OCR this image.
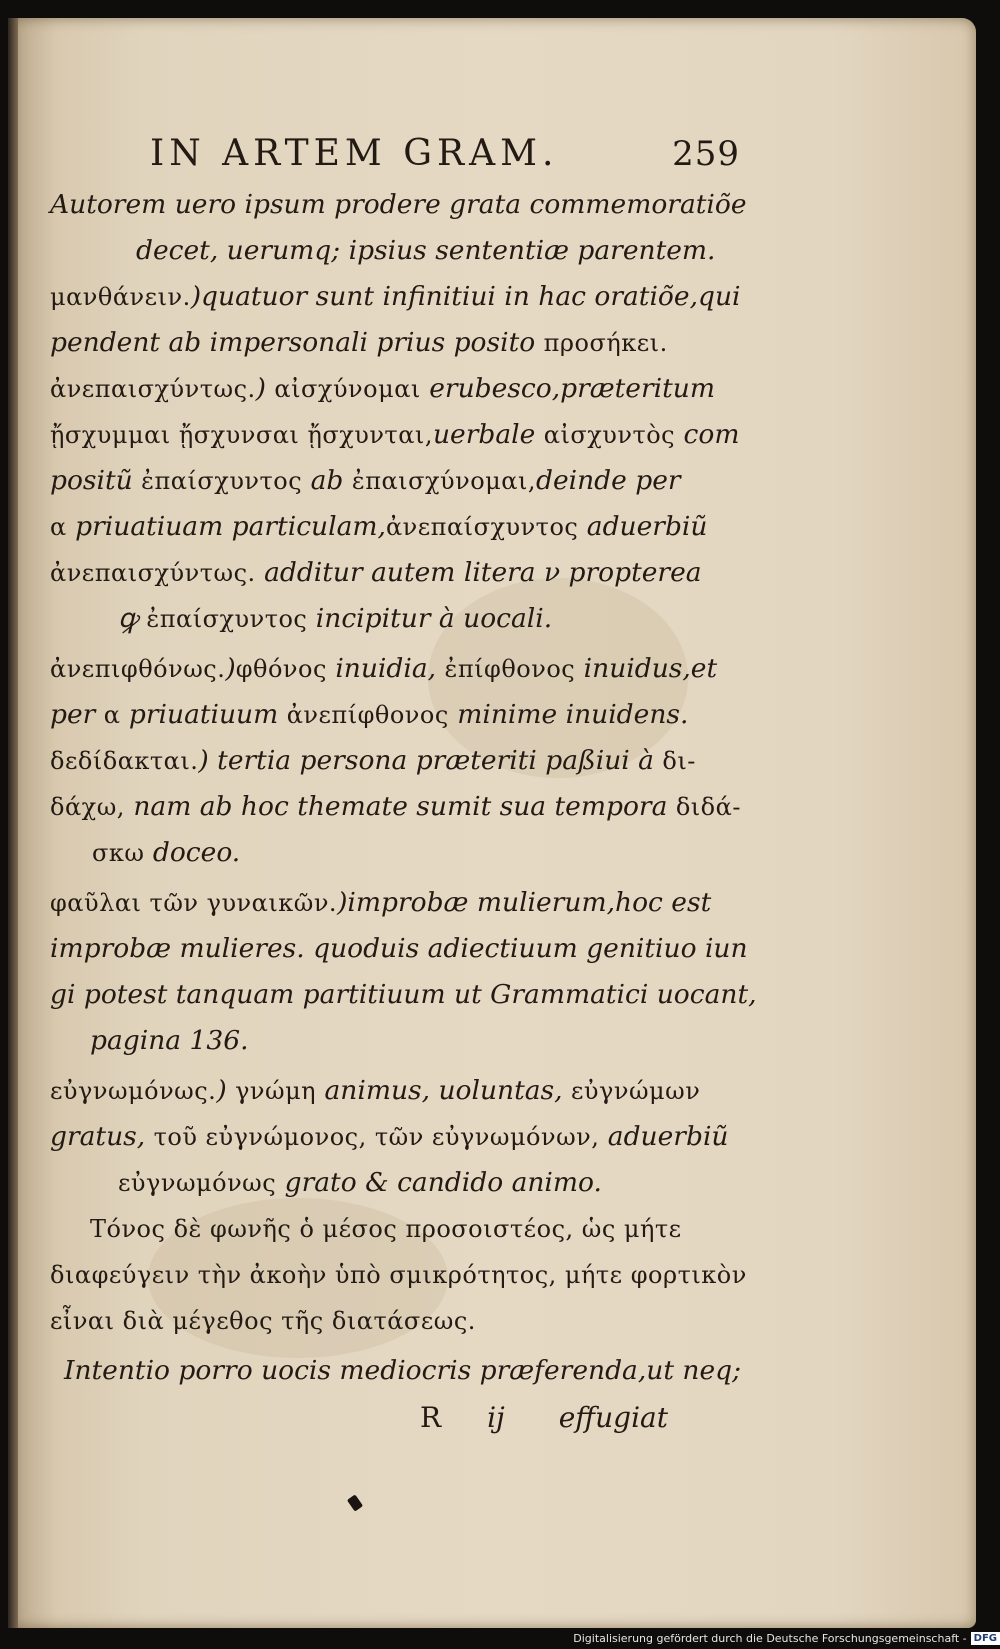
IN ARTEM GRAM.	259
Autorem uero ipsum prodere grata commemoratiõe
decet, uerumq; ipsius sententiæ parentem.
μανθάνειν.)quatuor sunt infinitiui in hac oratiõe,qui
pendent ab impersonali prius posito προσήκει.
ἀνεπαισχύντως.) αἰσχύνομαι erubesco,præteritum
ᾔσχυμμαι ᾔσχυνσαι ᾔσχυνται,uerbale αἰσχυντὸς com
positũ ἐπαίσχυντος ab ἐπαισχύνομαι,deinde per
α priuatiuam particulam,ἀνεπαίσχυντος aduerbiũ
ἀνεπαισχύντως. additur autem litera ν propterea
ꝙ ἐπαίσχυντος incipitur à uocali.
ἀνεπιφθόνως.)φθόνος inuidia, ἐπίφθονος inuidus,et
per α priuatiuum ἀνεπίφθονος minime inuidens.
δεδίδακται.) tertia persona præteriti paßiui à δι-
δάχω, nam ab hoc themate sumit sua tempora διδά-
σκω doceo.
φαῦλαι τῶν γυναικῶν.)improbæ mulierum,hoc est
improbæ mulieres. quoduis adiectiuum genitiuo iun
gi potest tanquam partitiuum ut Grammatici uocant,
pagina 136.
εὐγνωμόνως.) γνώμη animus, uoluntas, εὐγνώμων
gratus, τοῦ εὐγνώμονος, τῶν εὐγνωμόνων, aduerbiũ
εὐγνωμόνως grato & candido animo.
Τόνος δὲ φωνῆς ὁ μέσος προσοιστέος, ὡς μήτε
διαφεύγειν τὴν ἀκοὴν ὑπὸ σμικρότητος, μήτε φορτικὸν
εἶναι διὰ μέγεθος τῆς διατάσεως.
Intentio porro uocis mediocris præferenda,ut neq;
R ij effugiat
Digitalisierung gefördert durch die Deutsche Forschungsgemeinschaft - DFG
